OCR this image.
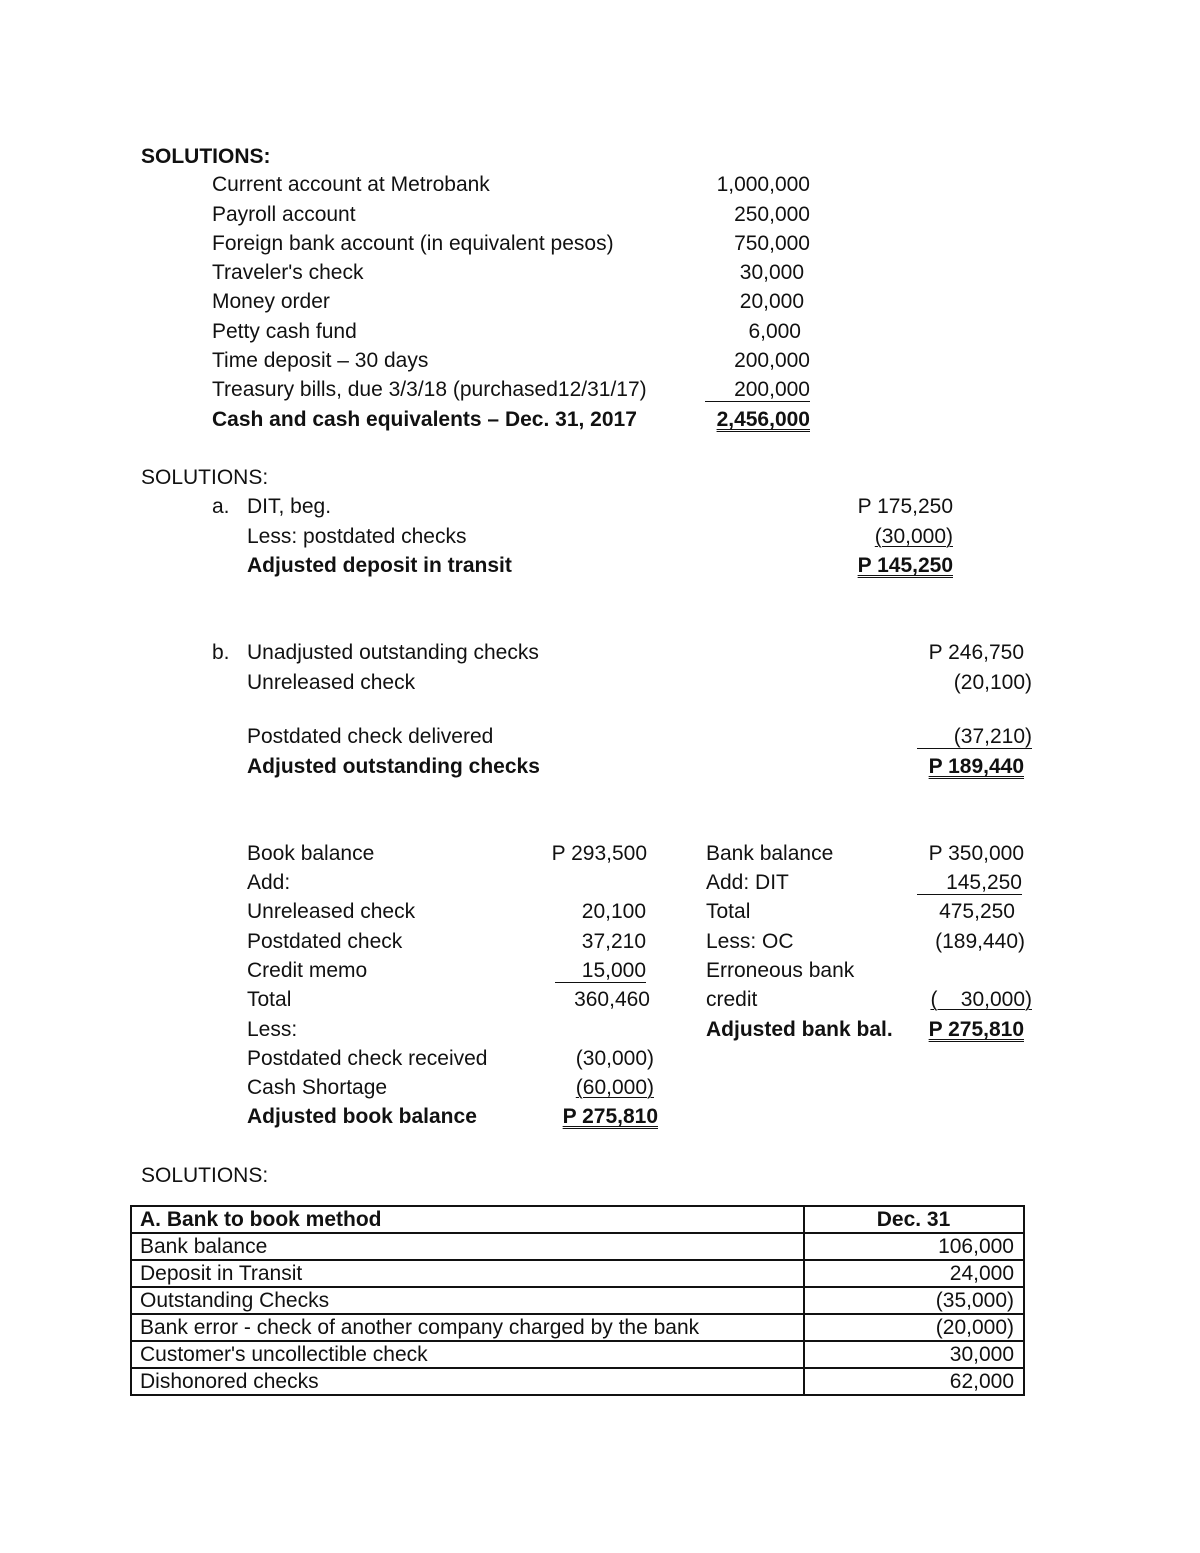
SOLUTIONS:
Current account at Metrobank	1,000,000
Payroll account	250,000
Foreign bank account (in equivalent pesos)	750,000
Traveler's check	30,000
Money order	20,000
Petty cash fund	6,000
Time deposit – 30 days	200,000
Treasury bills, due 3/3/18 (purchased12/31/17)	200,000
Cash and cash equivalents – Dec. 31, 2017	2,456,000
SOLUTIONS:
a. DIT, beg.	P 175,250
Less: postdated checks	(30,000)
Adjusted deposit in transit	P 145,250
b. Unadjusted outstanding checks	P 246,750
Unreleased check	(20,100)
Postdated check delivered	(37,210)
Adjusted outstanding checks	P 189,440
Book balance	P 293,500
Add:
Unreleased check	20,100
Postdated check	37,210
Credit memo	15,000
Total	360,460
Less:
Postdated check received	(30,000)
Cash Shortage	(60,000)
Adjusted book balance	P 275,810
Bank balance	P 350,000
Add: DIT	145,250
Total	475,250
Less: OC	(189,440)
Erroneous bank
credit	(    30,000)
Adjusted bank bal.	P 275,810
SOLUTIONS:
A. Bank to book method	Dec. 31
Bank balance	106,000
Deposit in Transit	24,000
Outstanding Checks	(35,000)
Bank error - check of another company charged by the bank	(20,000)
Customer's uncollectible check	30,000
Dishonored checks	62,000
